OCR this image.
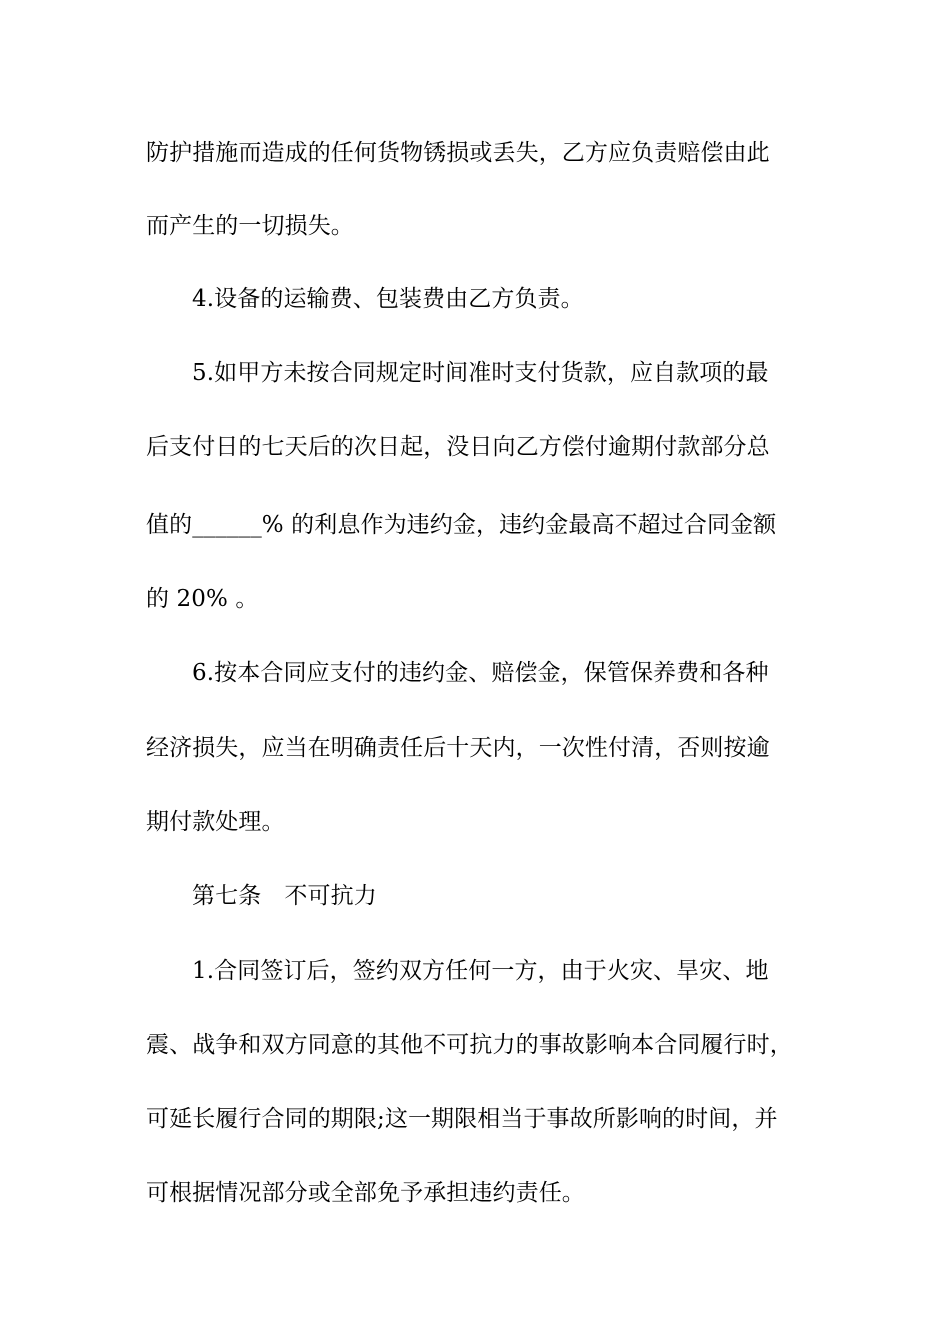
防护措施而造成的任何货物锈损或丢失，乙方应负责赔偿由此
而产生的一切损失。
4.设备的运输费、包装费由乙方负责。
5.如甲方未按合同规定时间准时支付货款，应自款项的最
后支付日的七天后的次日起，没日向乙方偿付逾期付款部分总
值的______% 的利息作为违约金，违约金最高不超过合同金额
的 20% 。
6.按本合同应支付的违约金、赔偿金，保管保养费和各种
经济损失，应当在明确责任后十天内，一次性付清，否则按逾
期付款处理。
第七条　不可抗力
1.合同签订后，签约双方任何一方，由于火灾、旱灾、地
震、战争和双方同意的其他不可抗力的事故影响本合同履行时，
可延长履行合同的期限;这一期限相当于事故所影响的时间，并
可根据情况部分或全部免予承担违约责任。
